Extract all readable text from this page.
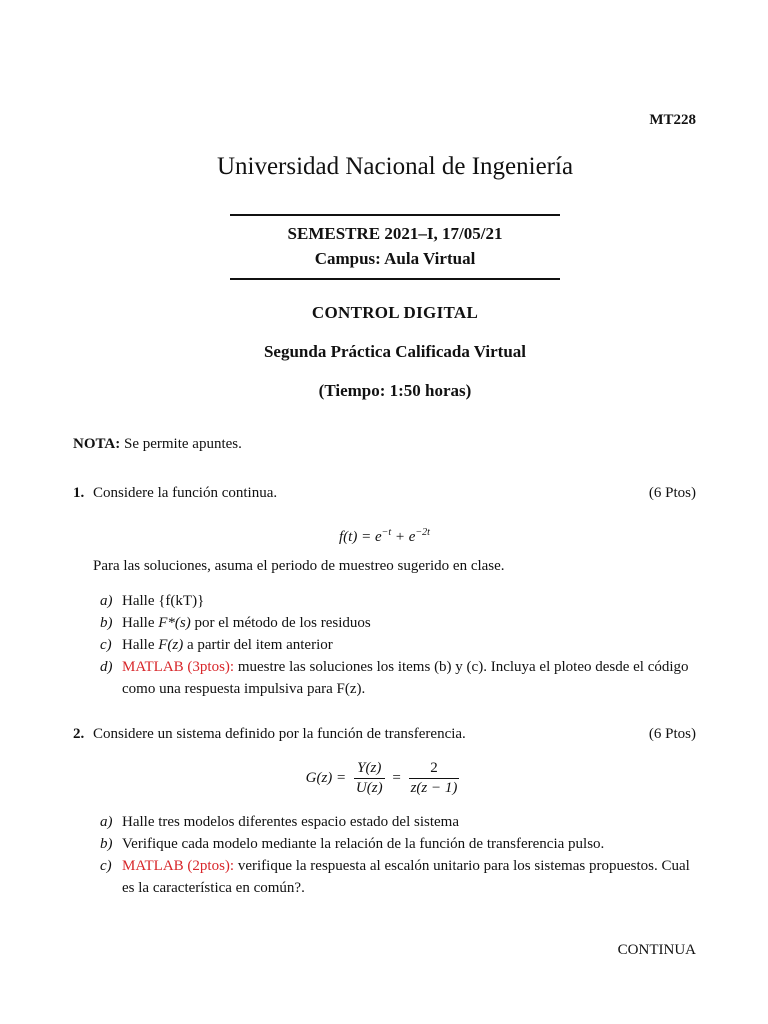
MT228
Universidad Nacional de Ingeniería
SEMESTRE 2021–I, 17/05/21
Campus: Aula Virtual
CONTROL DIGITAL
Segunda Práctica Calificada Virtual
(Tiempo: 1:50 horas)
NOTA: Se permite apuntes.
1. Considere la función continua.	(6 Ptos)
$f(t) = e^{-t} + e^{-2t}$
Para las soluciones, asuma el periodo de muestreo sugerido en clase.
a) Halle {f(kT)}
b) Halle F*(s) por el método de los residuos
c) Halle F(z) a partir del item anterior
d) MATLAB (3ptos): muestre las soluciones los items (b) y (c). Incluya el ploteo desde el código como una respuesta impulsiva para F(z).
2. Considere un sistema definido por la función de transferencia.	(6 Ptos)
$G(z) = \frac{Y(z)}{U(z)} = \frac{2}{z(z - 1)}$
a) Halle tres modelos diferentes espacio estado del sistema
b) Verifique cada modelo mediante la relación de la función de transferencia pulso.
c) MATLAB (2ptos): verifique la respuesta al escalón unitario para los sistemas propuestos. Cual es la característica en común?.
CONTINUA
